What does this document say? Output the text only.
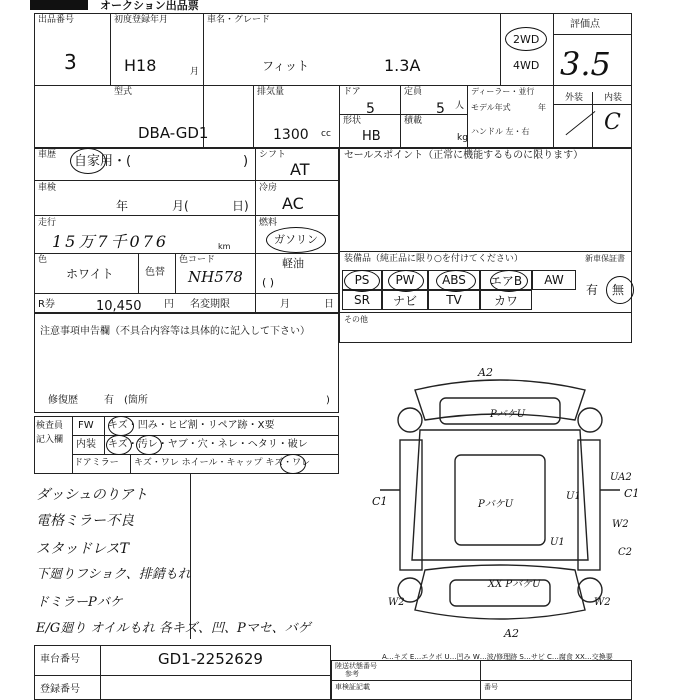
オークション出品票
出品番号
3
初度登録年月
H18	月
車名・グレード
フィット	1.3A
2WD
4WD
評価点
3.5
外装 内装
／ C
型式
DBA-GD1
排気量
1300 cc
ドア
5
定員
5 人
形状
HB
積載
kg
ディーラー・並行
モデル年式	年
ハンドル 左・右
車歴 自家用・(	) シフト
AT
車検
年	月(	日)
冷房
AC
走行
15万7千076	km
燃料
ガソリン
軽油
( )
色
ホワイト	色替
色コード
NH578
R券	10,450 円 名変期限	月	日
セールスポイント（正常に機能するものに限ります）
装備品（純正品に限り○を付けてください）	新車保証書
PS	PW	ABS	エアB	AW
SR	ナビ	TV	カワ
有 無
その他
注意事項申告欄（不具合内容等は具体的に記入して下さい）
修復歴	有 (箇所	)
検査員
記入欄
FW キズ・凹み・ヒビ割・リペア跡・X要
内装 キズ・汚レ・ヤブ・穴・ネレ・ヘタリ・破レ
ドアミラー キズ・ワレ ホイール・キャップ キズ・ワレ
ダッシュのりアト
電格ミラー不良
スタッドレスT
下廻りフショク、排錆もれ
ドミラーPバケ
E/G廻り オイルもれ 各キズ、凹、Pマセ、バゲ
A2
PバケU
PバケU
XX PバケU
C1
C1
U1
U1
UA2
W2
W2	W2
C2
A2
A…キズ E…エクボ U…凹み W…波/修理跡 S…サビ C…腐食 XX…交換要
車台番号	GD1-2252629
登録番号
陸送状態番号
参考
車検証記載	番号
